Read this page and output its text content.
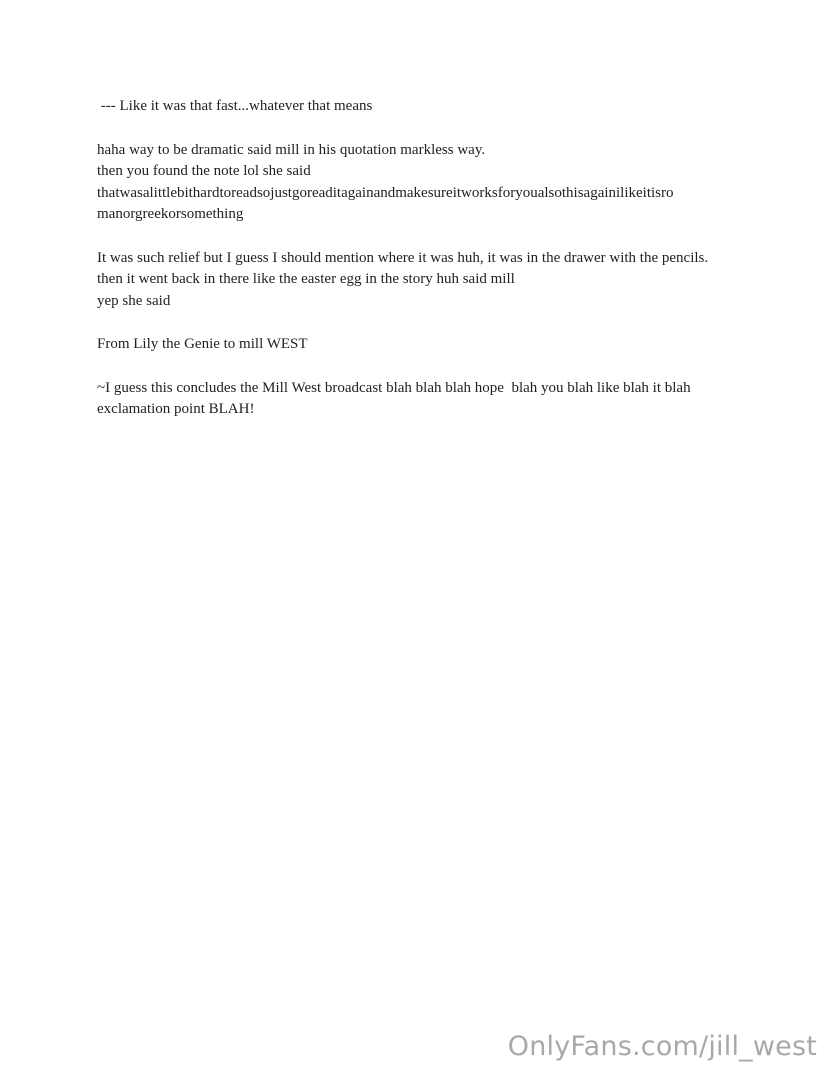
--- Like it was that fast...whatever that means

haha way to be dramatic said mill in his quotation markless way.

then you found the note lol she said

thatwasalittlebithardtoreadsojustgoreaditagainandmakesureitworksforyoualsothisagainilikeitisro

manorgreekorsomething

It was such relief but I guess I should mention where it was huh, it was in the drawer with the pencils.

then it went back in there like the easter egg in the story huh said mill

yep she said

From Lily the Genie to mill WEST

~I guess this concludes the Mill West broadcast blah blah blah hope  blah you blah like blah it blah exclamation point BLAH!

OnlyFans.com/jill_west
